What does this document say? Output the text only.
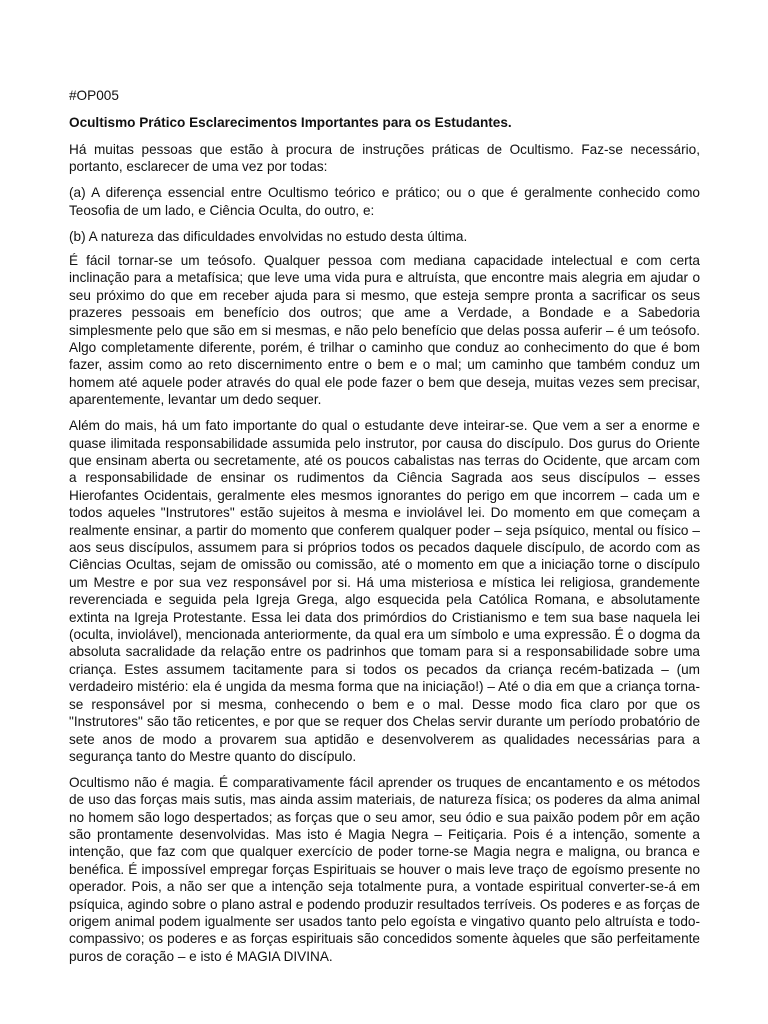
#OP005

Ocultismo Prático Esclarecimentos Importantes para os Estudantes.

Há muitas pessoas que estão à procura de instruções práticas de Ocultismo. Faz-se necessário, portanto, esclarecer de uma vez por todas:

(a) A diferença essencial entre Ocultismo teórico e prático; ou o que é geralmente conhecido como Teosofia de um lado, e Ciência Oculta, do outro, e:

(b) A natureza das dificuldades envolvidas no estudo desta última.

É fácil tornar-se um teósofo. Qualquer pessoa com mediana capacidade intelectual e com certa inclinação para a metafísica; que leve uma vida pura e altruísta, que encontre mais alegria em ajudar o seu próximo do que em receber ajuda para si mesmo, que esteja sempre pronta a sacrificar os seus prazeres pessoais em benefício dos outros; que ame a Verdade, a Bondade e a Sabedoria simplesmente pelo que são em si mesmas, e não pelo benefício que delas possa auferir – é um teósofo. Algo completamente diferente, porém, é trilhar o caminho que conduz ao conhecimento do que é bom fazer, assim como ao reto discernimento entre o bem e o mal; um caminho que também conduz um homem até aquele poder através do qual ele pode fazer o bem que deseja, muitas vezes sem precisar, aparentemente, levantar um dedo sequer.

Além do mais, há um fato importante do qual o estudante deve inteirar-se. Que vem a ser a enorme e quase ilimitada responsabilidade assumida pelo instrutor, por causa do discípulo. Dos gurus do Oriente que ensinam aberta ou secretamente, até os poucos cabalistas nas terras do Ocidente, que arcam com a responsabilidade de ensinar os rudimentos da Ciência Sagrada aos seus discípulos – esses Hierofantes Ocidentais, geralmente eles mesmos ignorantes do perigo em que incorrem – cada um e todos aqueles "Instrutores" estão sujeitos à mesma e inviolável lei. Do momento em que começam a realmente ensinar, a partir do momento que conferem qualquer poder – seja psíquico, mental ou físico – aos seus discípulos, assumem para si próprios todos os pecados daquele discípulo, de acordo com as Ciências Ocultas, sejam de omissão ou comissão, até o momento em que a iniciação torne o discípulo um Mestre e por sua vez responsável por si. Há uma misteriosa e mística lei religiosa, grandemente reverenciada e seguida pela Igreja Grega, algo esquecida pela Católica Romana, e absolutamente extinta na Igreja Protestante. Essa lei data dos primórdios do Cristianismo e tem sua base naquela lei (oculta, inviolável), mencionada anteriormente, da qual era um símbolo e uma expressão. É o dogma da absoluta sacralidade da relação entre os padrinhos que tomam para si a responsabilidade sobre uma criança. Estes assumem tacitamente para si todos os pecados da criança recém-batizada – (um verdadeiro mistério: ela é ungida da mesma forma que na iniciação!) – Até o dia em que a criança torna-se responsável por si mesma, conhecendo o bem e o mal. Desse modo fica claro por que os "Instrutores" são tão reticentes, e por que se requer dos Chelas servir durante um período probatório de sete anos de modo a provarem sua aptidão e desenvolverem as qualidades necessárias para a segurança tanto do Mestre quanto do discípulo.

Ocultismo não é magia. É comparativamente fácil aprender os truques de encantamento e os métodos de uso das forças mais sutis, mas ainda assim materiais, de natureza física; os poderes da alma animal no homem são logo despertados; as forças que o seu amor, seu ódio e sua paixão podem pôr em ação são prontamente desenvolvidas. Mas isto é Magia Negra – Feitiçaria. Pois é a intenção, somente a intenção, que faz com que qualquer exercício de poder torne-se Magia negra e maligna, ou branca e benéfica. É impossível empregar forças Espirituais se houver o mais leve traço de egoísmo presente no operador. Pois, a não ser que a intenção seja totalmente pura, a vontade espiritual converter-se-á em psíquica, agindo sobre o plano astral e podendo produzir resultados terríveis. Os poderes e as forças de origem animal podem igualmente ser usados tanto pelo egoísta e vingativo quanto pelo altruísta e todo-compassivo; os poderes e as forças espirituais são concedidos somente àqueles que são perfeitamente puros de coração – e isto é MAGIA DIVINA.
